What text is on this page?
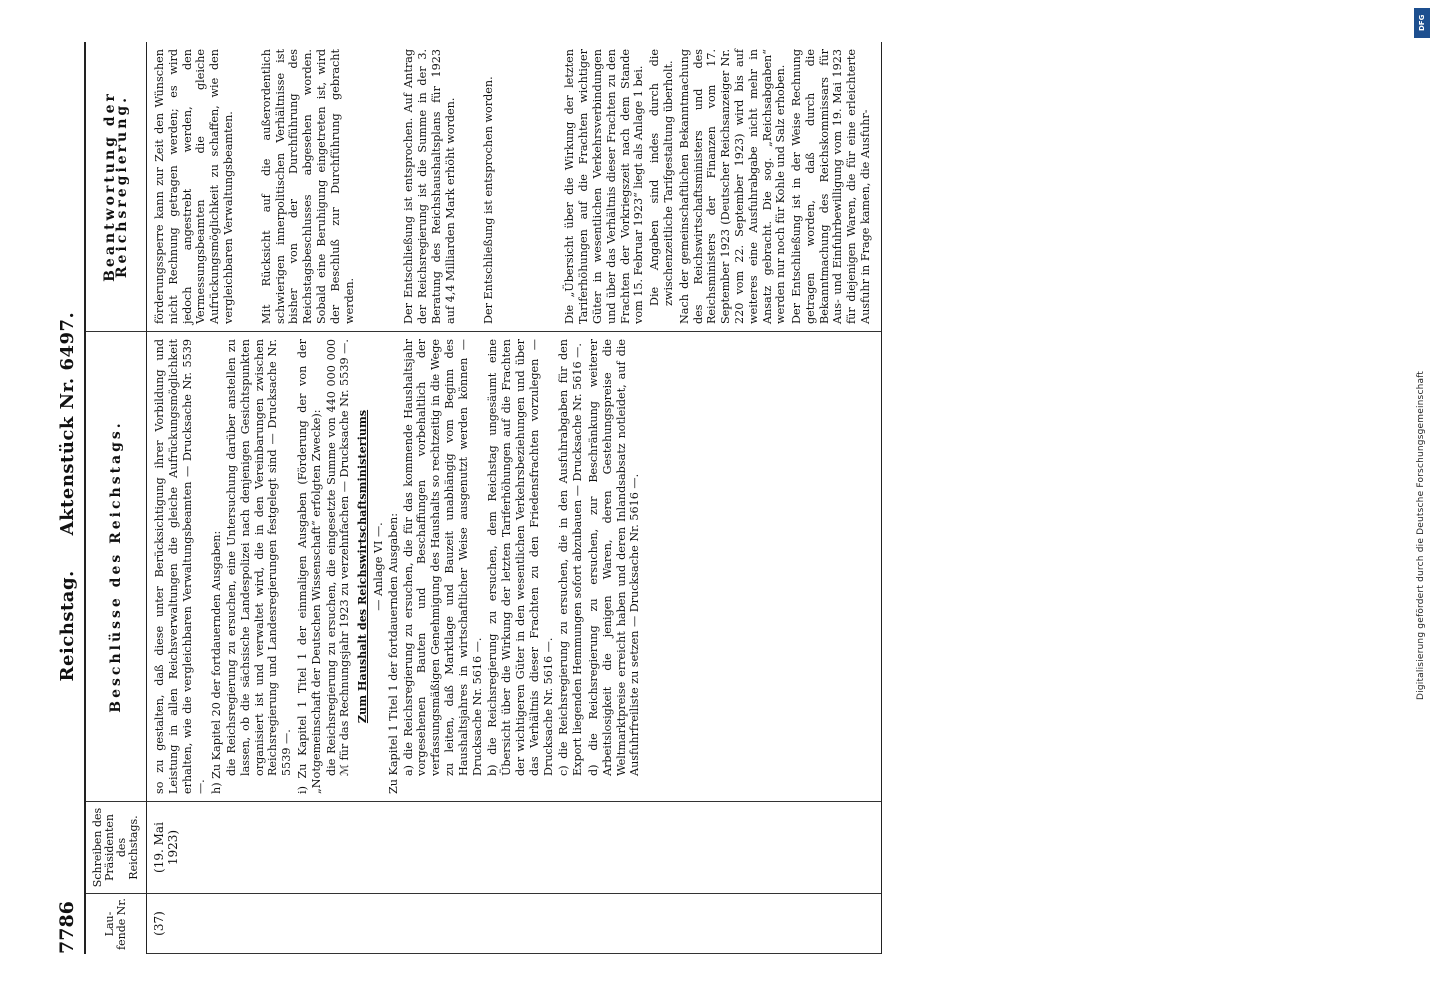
DFG
Digitalisierung gefördert durch die Deutsche Forschungsgemeinschaft
7786
Reichstag. Aktenstück Nr. 6497.
Lau-fende Nr.
Schreiben des Präsidenten des Reichstags.
Beschlüsse des Reichstags.
Beantwortung der Reichsregierung.
(37)
(19. Mai 1923)

so zu gestalten, daß diese unter Berücksichtigung ihrer Vorbildung und Leistung in allen Reichsverwaltungen die gleiche Aufrückungsmöglichkeit erhalten, wie die vergleichbaren Verwaltungsbeamten — Drucksache Nr. 5539 —. h) Zu Kapitel 20 der fortdauernden Ausgaben: die Reichsregierung zu ersuchen, eine Untersuchung darüber anstellen zu lassen, ob die sächsische Landespolizei nach denjenigen Gesichtspunkten organisiert ist und verwaltet wird, die in den Vereinbarungen zwischen Reichsregierung und Landesregierungen festgelegt sind — Drucksache Nr. 5539 —. i) Zu Kapitel 1 Titel 1 der einmaligen Ausgaben (Förderung der von der „Notgemeinschaft der Deutschen Wissenschaft“ erfolgten Zwecke): die Reichsregierung zu ersuchen, die eingesetzte Summe von 440 000 000 ℳ für das Rechnungsjahr 1923 zu verzehnfachen — Drucksache Nr. 5539 —. Zum Haushalt des Reichswirtschaftsministeriums — Anlage VI —. Zu Kapitel 1 Titel 1 der fortdauernden Ausgaben: a) die Reichsregierung zu ersuchen, die für das kommende Haushaltsjahr vorgesehenen Bauten und Beschaffungen vorbehaltlich der verfassungsmäßigen Genehmigung des Haushalts so rechtzeitig in die Wege zu leiten, daß Marktlage und Bauzeit unabhängig vom Beginn des Haushaltsjahres in wirtschaftlicher Weise ausgenutzt werden können — Drucksache Nr. 5616 —. b) die Reichsregierung zu ersuchen, dem Reichstag ungesäumt eine Übersicht über die Wirkung der letzten Tariferhöhungen auf die Frachten der wichtigeren Güter in den wesentlichen Verkehrsbeziehungen und über das Verhältnis dieser Frachten zu den Friedensfrachten vorzulegen — Drucksache Nr. 5616 —. c) die Reichsregierung zu ersuchen, die in den Ausfuhrabgaben für den Export liegenden Hemmungen sofort abzubauen — Drucksache Nr. 5616 —. d) die Reichsregierung zu ersuchen, zur Beschränkung weiterer Arbeitslosigkeit die jenigen Waren, deren Gestehungspreise die Weltmarktpreise erreicht haben und deren Inlandsabsatz notleidet, auf die Ausfuhrfreiliste zu setzen — Drucksache Nr. 5616 —.

förderungssperre kann zur Zeit den Wünschen nicht Rechnung getragen werden; es wird jedoch angestrebt werden, den Vermessungsbeamten die gleiche Aufrückungsmöglichkeit zu schaffen, wie den vergleichbaren Verwaltungsbeamten. Mit Rücksicht auf die außerordentlich schwierigen innerpolitischen Verhältnisse ist bisher von der Durchführung des Reichstagsbeschlusses abgesehen worden. Sobald eine Beruhigung eingetreten ist, wird der Beschluß zur Durchführung gebracht werden.	Der Entschließung ist entsprochen. Auf Antrag der Reichsregierung ist die Summe in der 3. Beratung des Reichshaushaltsplans für 1923 auf 4,4 Milliarden Mark erhöht worden. Der Entschließung ist entsprochen worden.	Die „Übersicht über die Wirkung der letzten Tariferhöhungen auf die Frachten wichtiger Güter in wesentlichen Verkehrsverbindungen und über das Verhältnis dieser Frachten zu den Frachten der Vorkriegszeit nach dem Stande vom 15. Februar 1923“ liegt als Anlage 1 bei. Die Angaben sind indes durch die zwischenzeitliche Tarifgestaltung überholt. Nach der gemeinschaftlichen Bekanntmachung des Reichswirtschaftsministers und des Reichsministers der Finanzen vom 17. September 1923 (Deutscher Reichsanzeiger Nr. 220 vom 22. September 1923) wird bis auf weiteres eine Ausfuhrabgabe nicht mehr in Ansatz gebracht. Die sog. „Reichsabgaben“ werden nur noch für Kohle und Salz erhoben. Der Entschließung ist in der Weise Rechnung getragen worden, daß durch die Bekanntmachung des Reichskommissars für Aus- und Einfuhrbewilligung vom 19. Mai 1923 für diejenigen Waren, die für eine erleichterte Ausfuhr in Frage kamen, die Ausfuhr-
